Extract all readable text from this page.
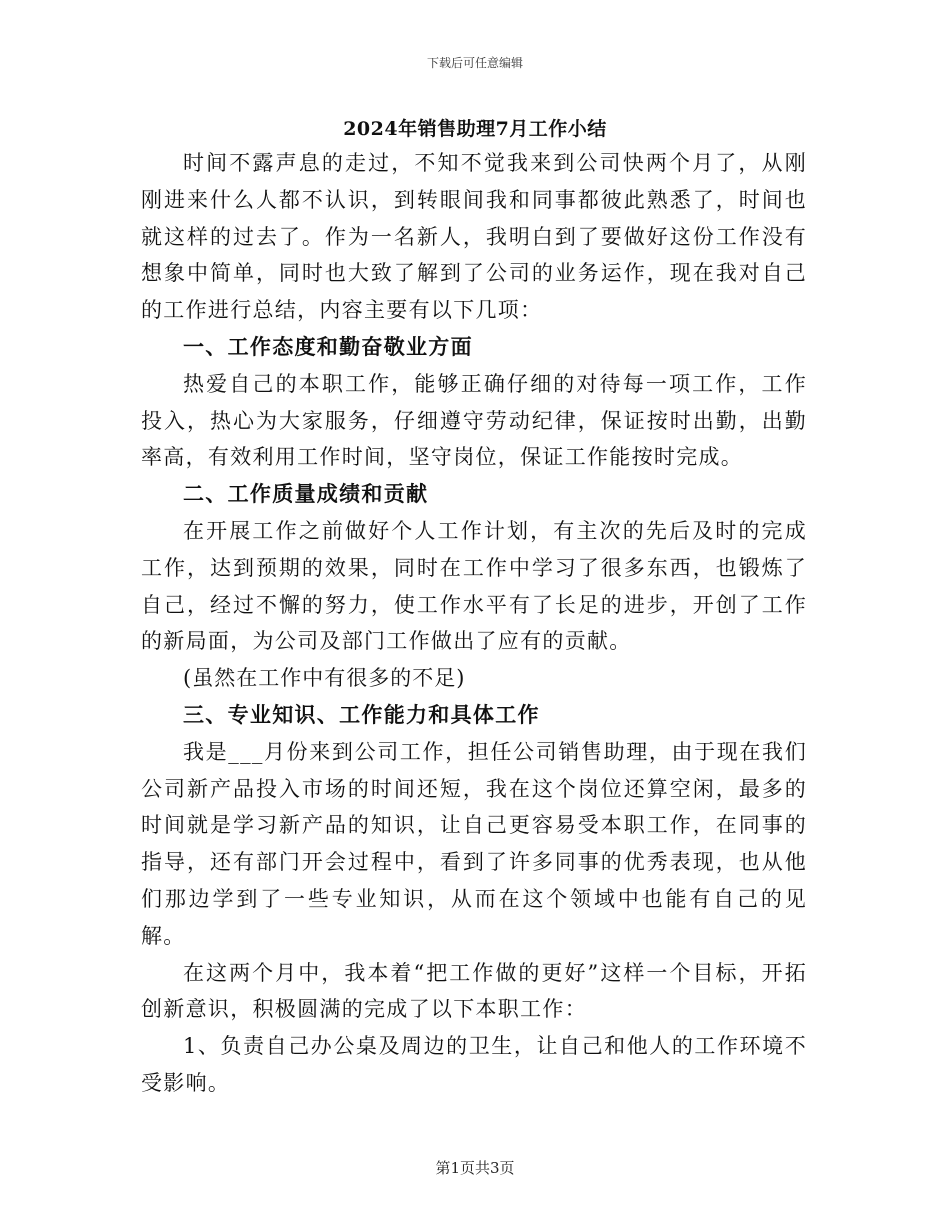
下载后可任意编辑
2024年销售助理7月工作小结

时间不露声息的走过，不知不觉我来到公司快两个月了，从刚刚进来什么人都不认识，到转眼间我和同事都彼此熟悉了，时间也就这样的过去了。作为一名新人，我明白到了要做好这份工作没有想象中简单，同时也大致了解到了公司的业务运作，现在我对自己的工作进行总结，内容主要有以下几项：

一、工作态度和勤奋敬业方面

热爱自己的本职工作，能够正确仔细的对待每一项工作，工作投入，热心为大家服务，仔细遵守劳动纪律，保证按时出勤，出勤率高，有效利用工作时间，坚守岗位，保证工作能按时完成。

二、工作质量成绩和贡献

在开展工作之前做好个人工作计划，有主次的先后及时的完成工作，达到预期的效果，同时在工作中学习了很多东西，也锻炼了自己，经过不懈的努力，使工作水平有了长足的进步，开创了工作的新局面，为公司及部门工作做出了应有的贡献。

(虽然在工作中有很多的不足)

三、专业知识、工作能力和具体工作

我是___月份来到公司工作，担任公司销售助理，由于现在我们公司新产品投入市场的时间还短，我在这个岗位还算空闲，最多的时间就是学习新产品的知识，让自己更容易受本职工作，在同事的指导，还有部门开会过程中，看到了许多同事的优秀表现，也从他们那边学到了一些专业知识，从而在这个领域中也能有自己的见解。

在这两个月中，我本着“把工作做的更好”这样一个目标，开拓创新意识，积极圆满的完成了以下本职工作：

1、负责自己办公桌及周边的卫生，让自己和他人的工作环境不受影响。

第1页共3页
